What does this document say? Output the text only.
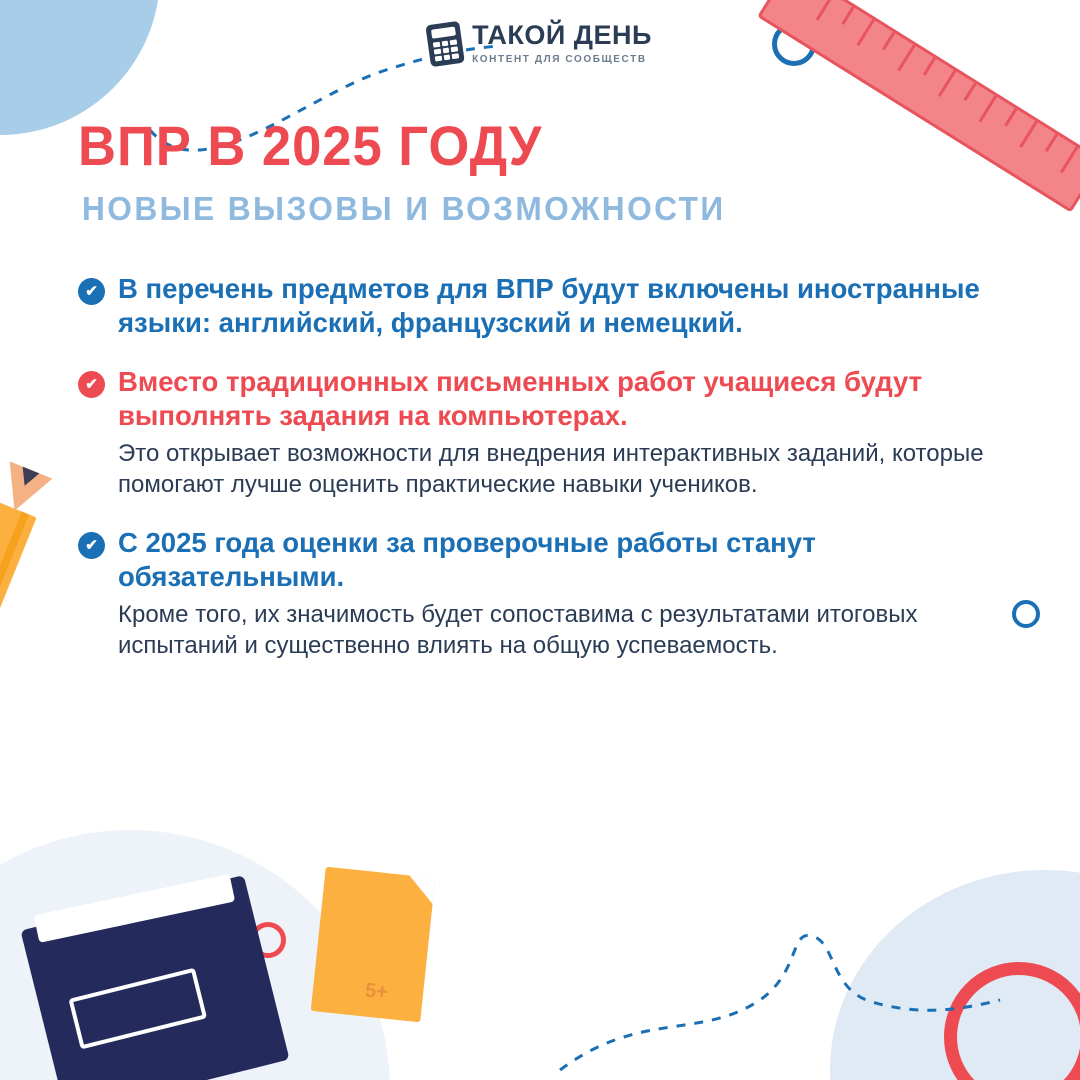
5+
ТАКОЙ ДЕНЬ
КОНТЕНТ ДЛЯ СООБЩЕСТВ
ВПР В 2025 ГОДУ
НОВЫЕ ВЫЗОВЫ И ВОЗМОЖНОСТИ
✔ В перечень предметов для ВПР будут включены иностранные языки: английский, французский и немецкий.
✔ Вместо традиционных письменных работ учащиеся будут выполнять задания на компьютерах.
Это открывает возможности для внедрения интерактивных заданий, которые помогают лучше оценить практические навыки учеников.
✔ С 2025 года оценки за проверочные работы станут обязательными.
Кроме того, их значимость будет сопоставима с результатами итоговых испытаний и существенно влиять на общую успеваемость.
